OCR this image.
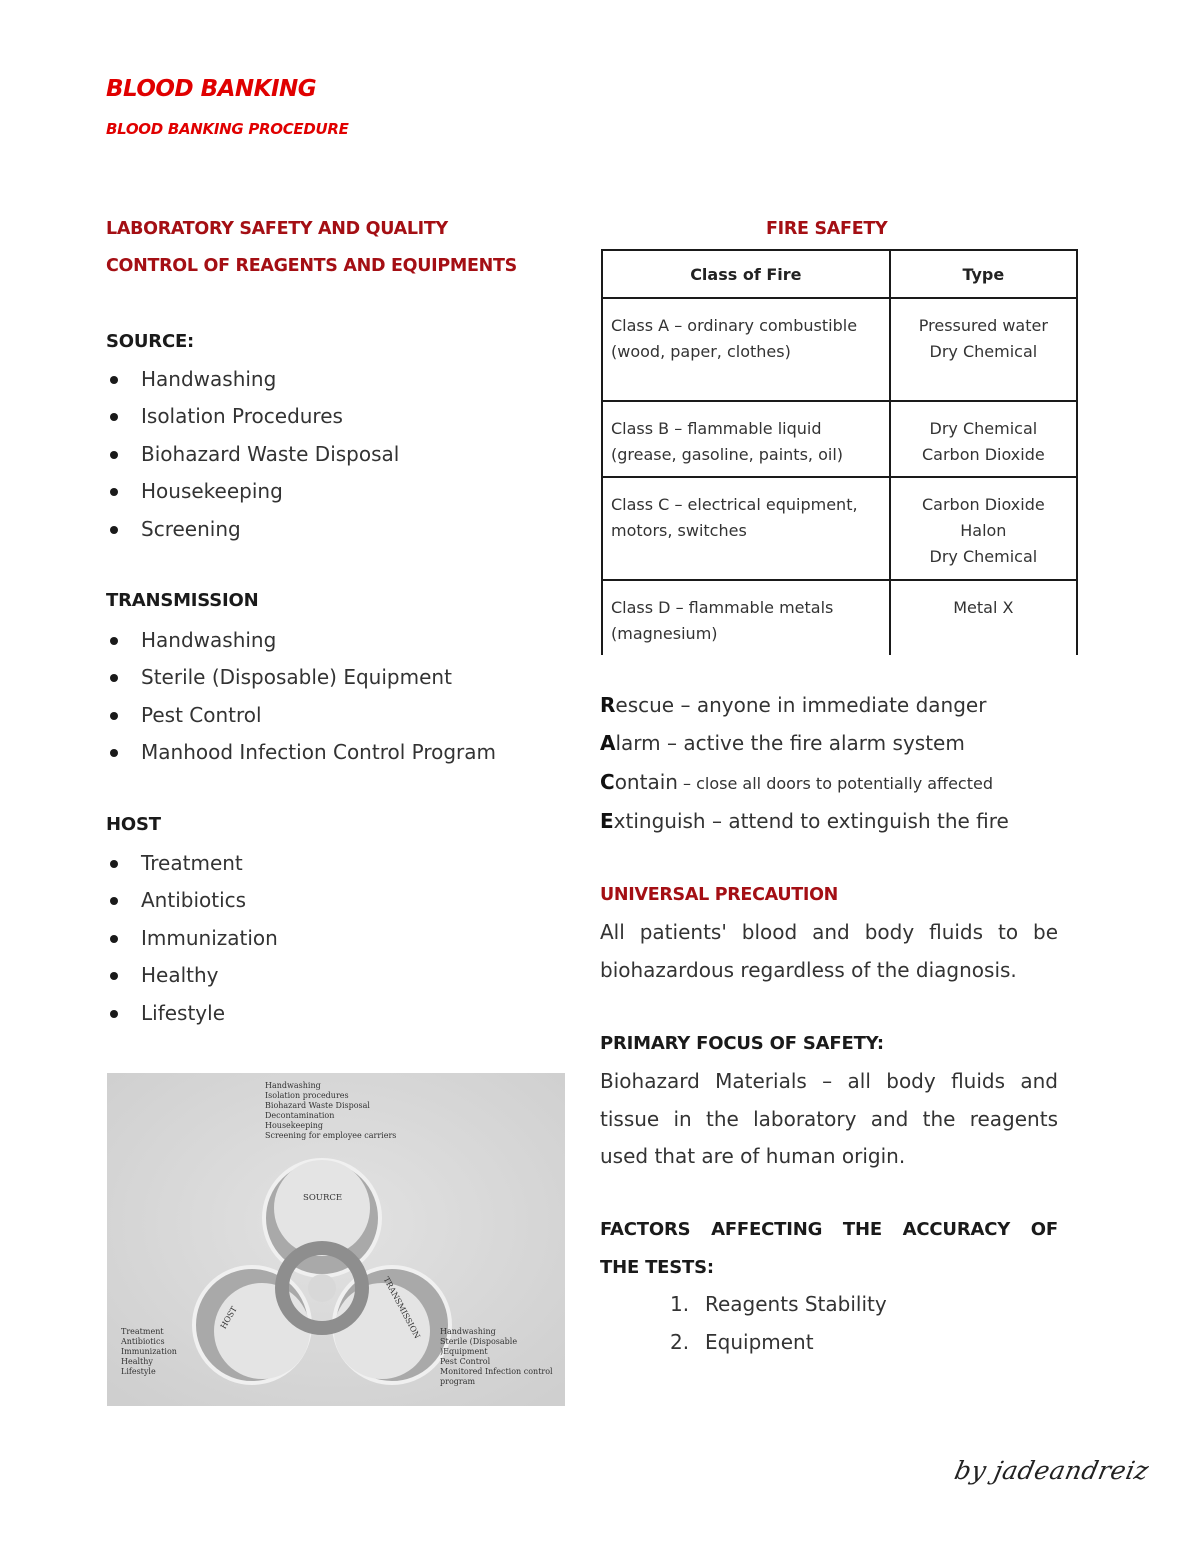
BLOOD BANKING
BLOOD BANKING PROCEDURE
LABORATORY SAFETY AND QUALITY
CONTROL OF REAGENTS AND EQUIPMENTS
SOURCE:
Handwashing
Isolation Procedures
Biohazard Waste Disposal
Housekeeping
Screening
TRANSMISSION
Handwashing
Sterile (Disposable) Equipment
Pest Control
Manhood Infection Control Program
HOST
Treatment
Antibiotics
Immunization
Healthy
Lifestyle
Handwashing
Isolation procedures
Biohazard Waste Disposal
Decontamination
Housekeeping
Screening for employee carriers
SOURCE
HOST	TRANSMISSION
Treatment
Antibiotics
Immunization
Healthy
Lifestyle
Handwashing
Sterile (Disposable
)Equipment
Pest Control
Monitored Infection control
program
FIRE SAFETY
Class of Fire	Type
Class A – ordinary combustible (wood, paper, clothes)	Pressured water
Dry Chemical

Class B – flammable liquid (grease, gasoline, paints, oil)	Dry Chemical
Carbon Dioxide

Class C – electrical equipment, motors, switches	Carbon Dioxide
Halon
Dry Chemical

Class D – flammable metals (magnesium)	Metal X
Rescue – anyone in immediate danger
Alarm – active the fire alarm system
Contain – close all doors to potentially affected
Extinguish – attend to extinguish the fire
UNIVERSAL PRECAUTION
All patients' blood and body fluids to be biohazardous regardless of the diagnosis.
PRIMARY FOCUS OF SAFETY:
Biohazard Materials – all body fluids and tissue in the laboratory and the reagents used that are of human origin.
FACTORS AFFECTING THE ACCURACY OF
THE TESTS:
1. Reagents Stability
2. Equipment
by jadeandreiz
